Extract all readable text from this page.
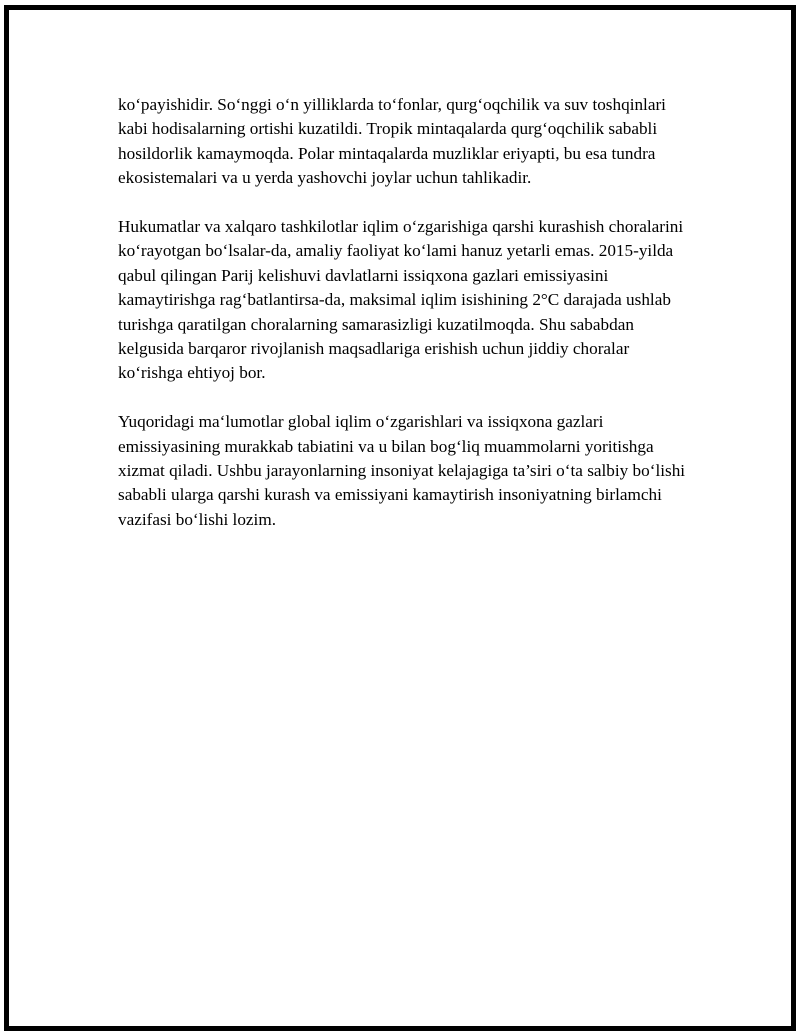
ko‘payishidir. So‘nggi o‘n yilliklarda to‘fonlar, qurg‘oqchilik va suv toshqinlari kabi hodisalarning ortishi kuzatildi. Tropik mintaqalarda qurg‘oqchilik sababli hosildorlik kamaymoqda. Polar mintaqalarda muzliklar eriyapti, bu esa tundra ekosistemalari va u yerda yashovchi joylar uchun tahlikadir.

Hukumatlar va xalqaro tashkilotlar iqlim o‘zgarishiga qarshi kurashish choralarini ko‘rayotgan bo‘lsalar-da, amaliy faoliyat ko‘lami hanuz yetarli emas. 2015-yilda qabul qilingan Parij kelishuvi davlatlarni issiqxona gazlari emissiyasini kamaytirishga rag‘batlantirsa-da, maksimal iqlim isishining 2°C darajada ushlab turishga qaratilgan choralarning samarasizligi kuzatilmoqda. Shu sababdan kelgusida barqaror rivojlanish maqsadlariga erishish uchun jiddiy choralar ko‘rishga ehtiyoj bor.

Yuqoridagi ma‘lumotlar global iqlim o‘zgarishlari va issiqxona gazlari emissiyasining murakkab tabiatini va u bilan bog‘liq muammolarni yoritishga xizmat qiladi. Ushbu jarayonlarning insoniyat kelajagiga ta’siri o‘ta salbiy bo‘lishi sababli ularga qarshi kurash va emissiyani kamaytirish insoniyatning birlamchi vazifasi bo‘lishi lozim.
